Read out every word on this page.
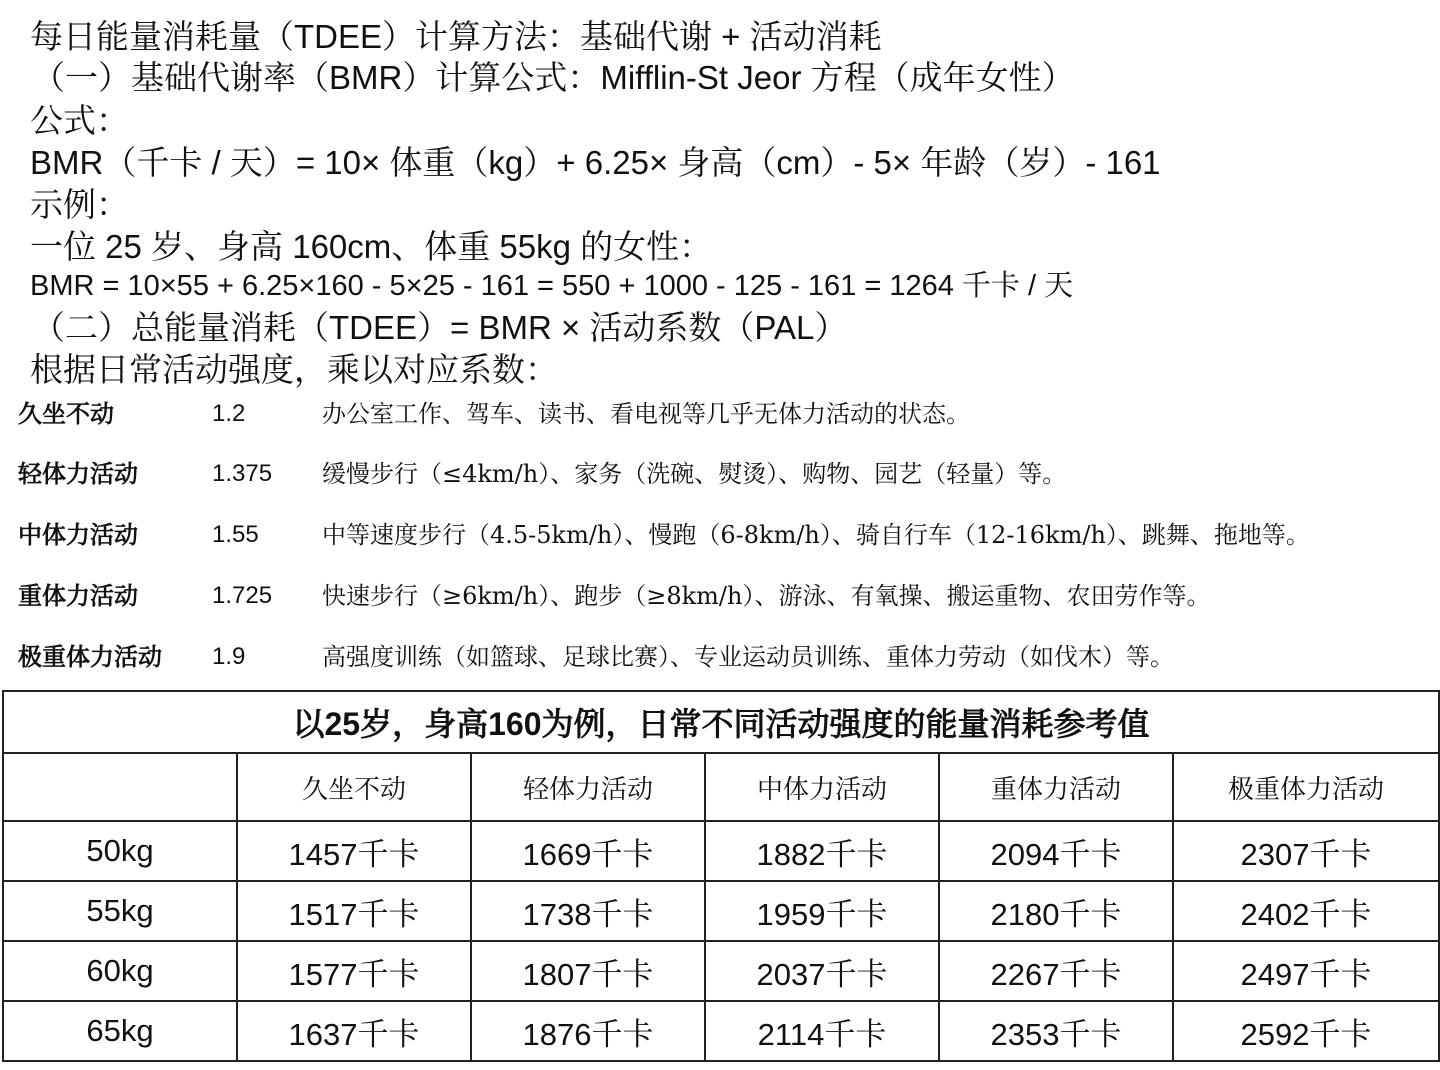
每日能量消耗量（TDEE）计算方法：基础代谢 + 活动消耗
（一）基础代谢率（BMR）计算公式：Mifflin-St Jeor 方程（成年女性）
公式：
BMR（千卡 / 天）= 10× 体重（kg）+ 6.25× 身高（cm）- 5× 年龄（岁）- 161
示例：
一位 25 岁、身高 160cm、体重 55kg 的女性：
BMR = 10×55 + 6.25×160 - 5×25 - 161 = 550 + 1000 - 125 - 161 = 1264 千卡 / 天
（二）总能量消耗（TDEE）= BMR × 活动系数（PAL）
根据日常活动强度，乘以对应系数：
久坐不动	1.2	办公室工作、驾车、读书、看电视等几乎无体力活动的状态。
轻体力活动	1.375 缓慢步行（≤4km/h）、家务（洗碗、熨烫）、购物、园艺（轻量）等。
中体力活动	1.55	中等速度步行（4.5-5km/h）、慢跑（6-8km/h）、骑自行车（12-16km/h）、跳舞、拖地等。
重体力活动	1.725 快速步行（≥6km/h）、跑步（≥8km/h）、游泳、有氧操、搬运重物、农田劳作等。
极重体力活动 1.9	高强度训练（如篮球、足球比赛）、专业运动员训练、重体力劳动（如伐木）等。
以25岁，身高160为例，日常不同活动强度的能量消耗参考值					
	久坐不动	轻体力活动	中体力活动	重体力活动	极重体力活动
50kg	1457千卡	1669千卡	1882千卡	2094千卡	2307千卡
55kg	1517千卡	1738千卡	1959千卡	2180千卡	2402千卡
60kg	1577千卡	1807千卡	2037千卡	2267千卡	2497千卡
65kg	1637千卡	1876千卡	2114千卡	2353千卡	2592千卡
